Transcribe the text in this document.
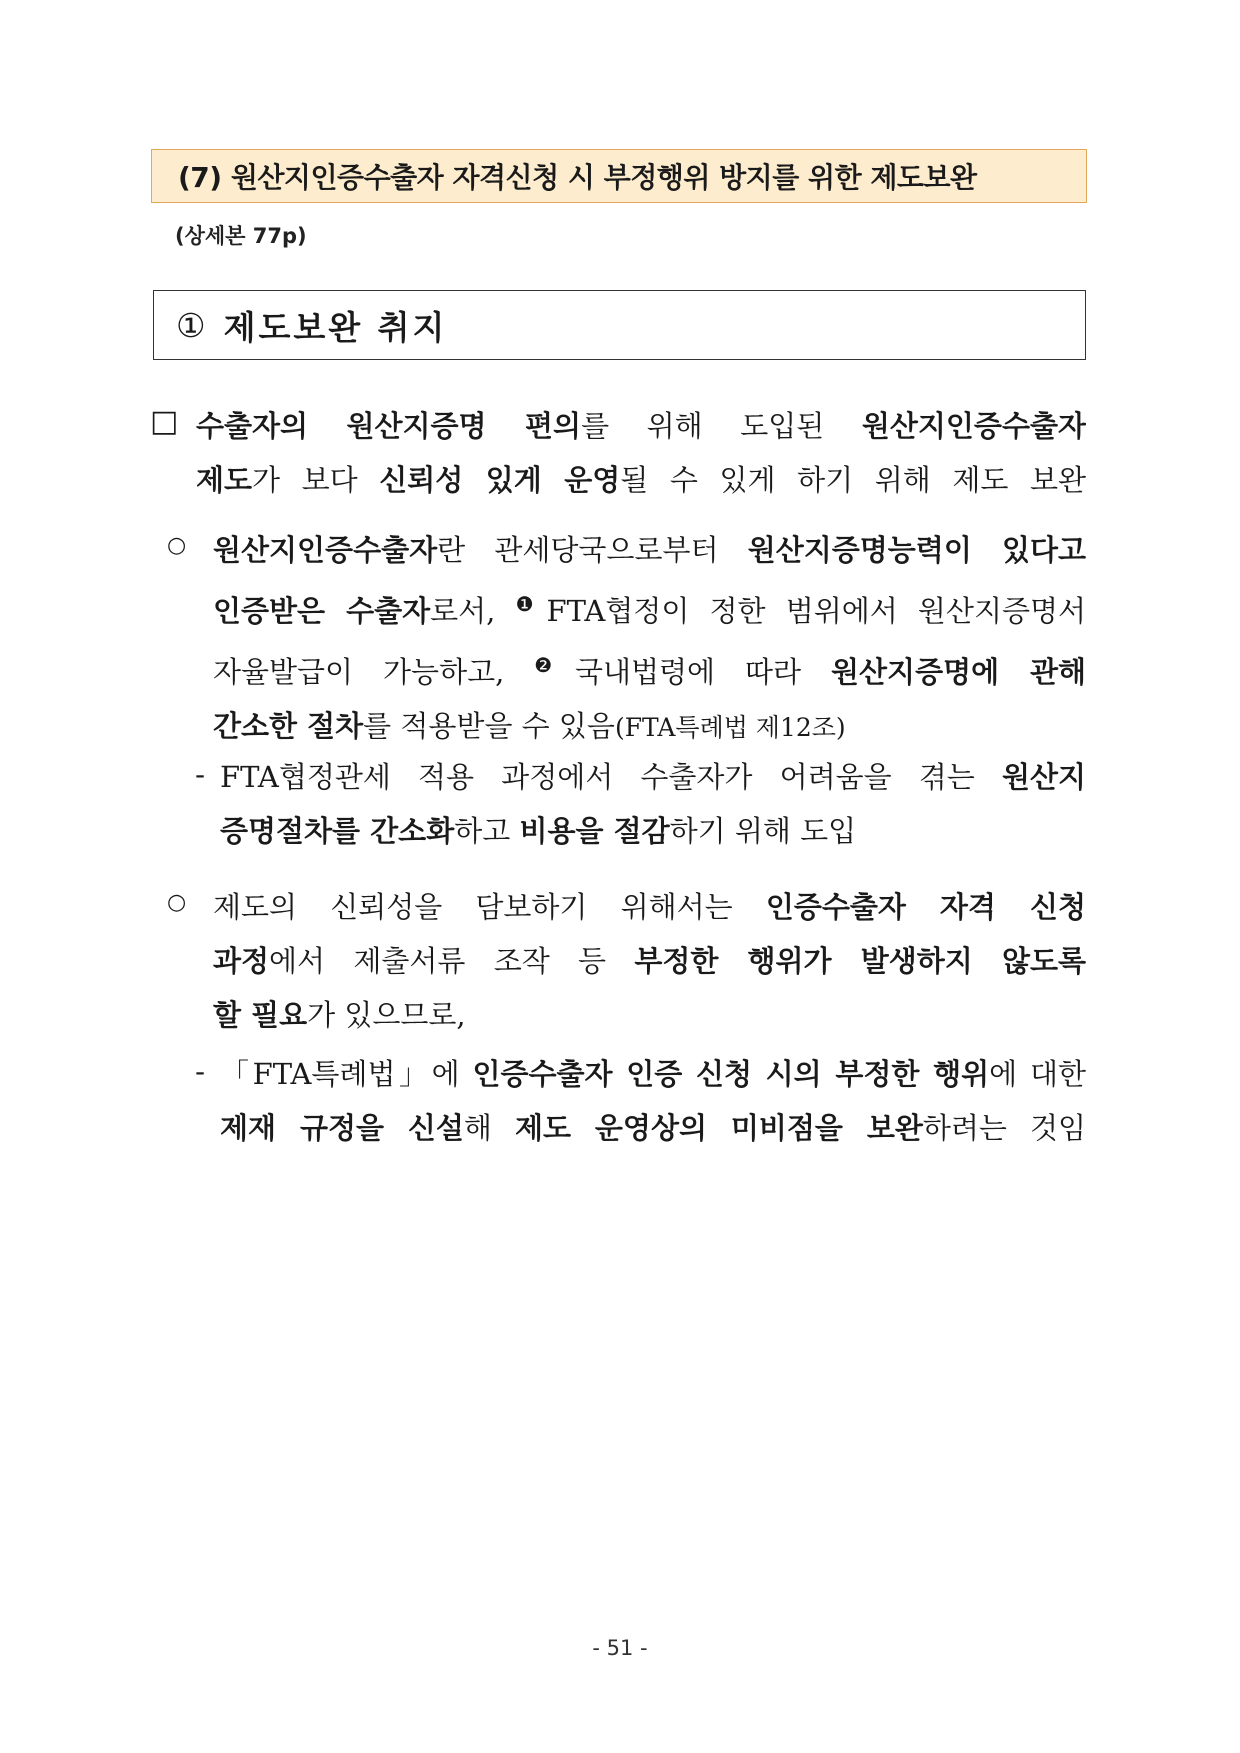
(7) 원산지인증수출자 자격신청 시 부정행위 방지를 위한 제도보완
(상세본 77p)
① 제도보완 취지
□ 수출자의 원산지증명 편의를 위해 도입된 원산지인증수출자
제도가 보다 신뢰성 있게 운영될 수 있게 하기 위해 제도 보완
○ 원산지인증수출자란 관세당국으로부터 원산지증명능력이 있다고
인증받은 수출자로서, $^❶$FTA협정이 정한 범위에서 원산지증명서
자율발급이 가능하고, $^❷$국내법령에 따라 원산지증명에 관해
간소한 절차를 적용받을 수 있음(FTA특례법 제12조)
- FTA협정관세 적용 과정에서 수출자가 어려움을 겪는 원산지
증명절차를 간소화하고 비용을 절감하기 위해 도입
○ 제도의 신뢰성을 담보하기 위해서는 인증수출자 자격 신청
과정에서 제출서류 조작 등 부정한 행위가 발생하지 않도록
할 필요가 있으므로,
- 「FTA특례법」에 인증수출자 인증 신청 시의 부정한 행위에 대한
제재 규정을 신설해 제도 운영상의 미비점을 보완하려는 것임
- 51 -
